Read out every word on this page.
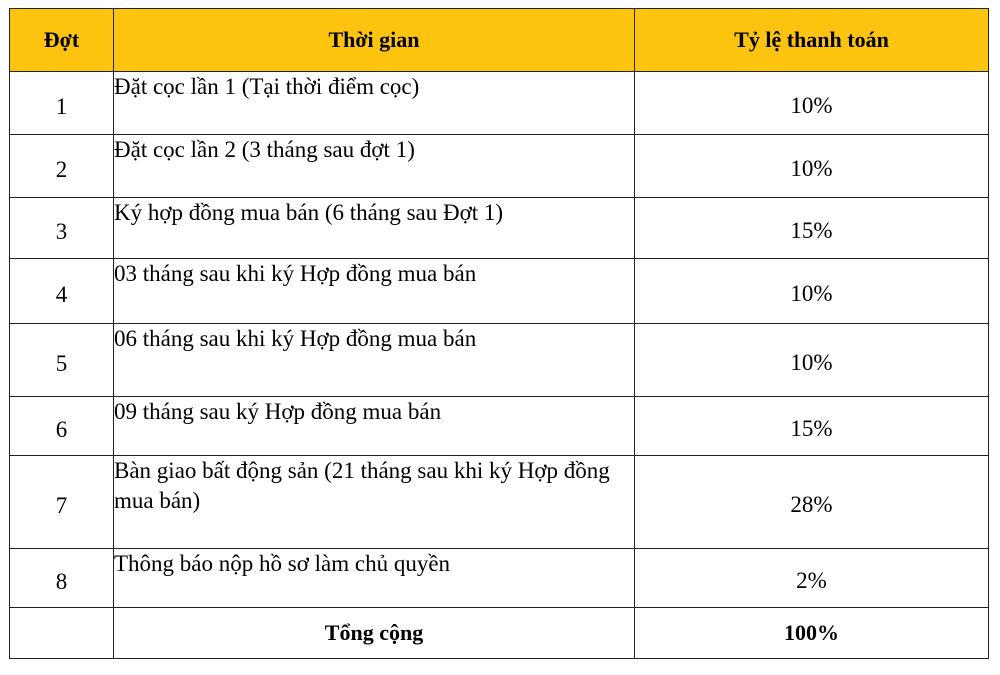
Đợt	Thời gian	Tỷ lệ thanh toán
1	Đặt cọc lần 1 (Tại thời điểm cọc)	10%
2	Đặt cọc lần 2 (3 tháng sau đợt 1)	10%
3	Ký hợp đồng mua bán (6 tháng sau Đợt 1)	15%
4	03 tháng sau khi ký Hợp đồng mua bán	10%
5	06 tháng sau khi ký Hợp đồng mua bán	10%
6	09 tháng sau ký Hợp đồng mua bán	15%
7	Bàn giao bất động sản (21 tháng sau khi ký Hợp đồng mua bán)	28%
8	Thông báo nộp hồ sơ làm chủ quyền	2%
	Tổng cộng	100%
